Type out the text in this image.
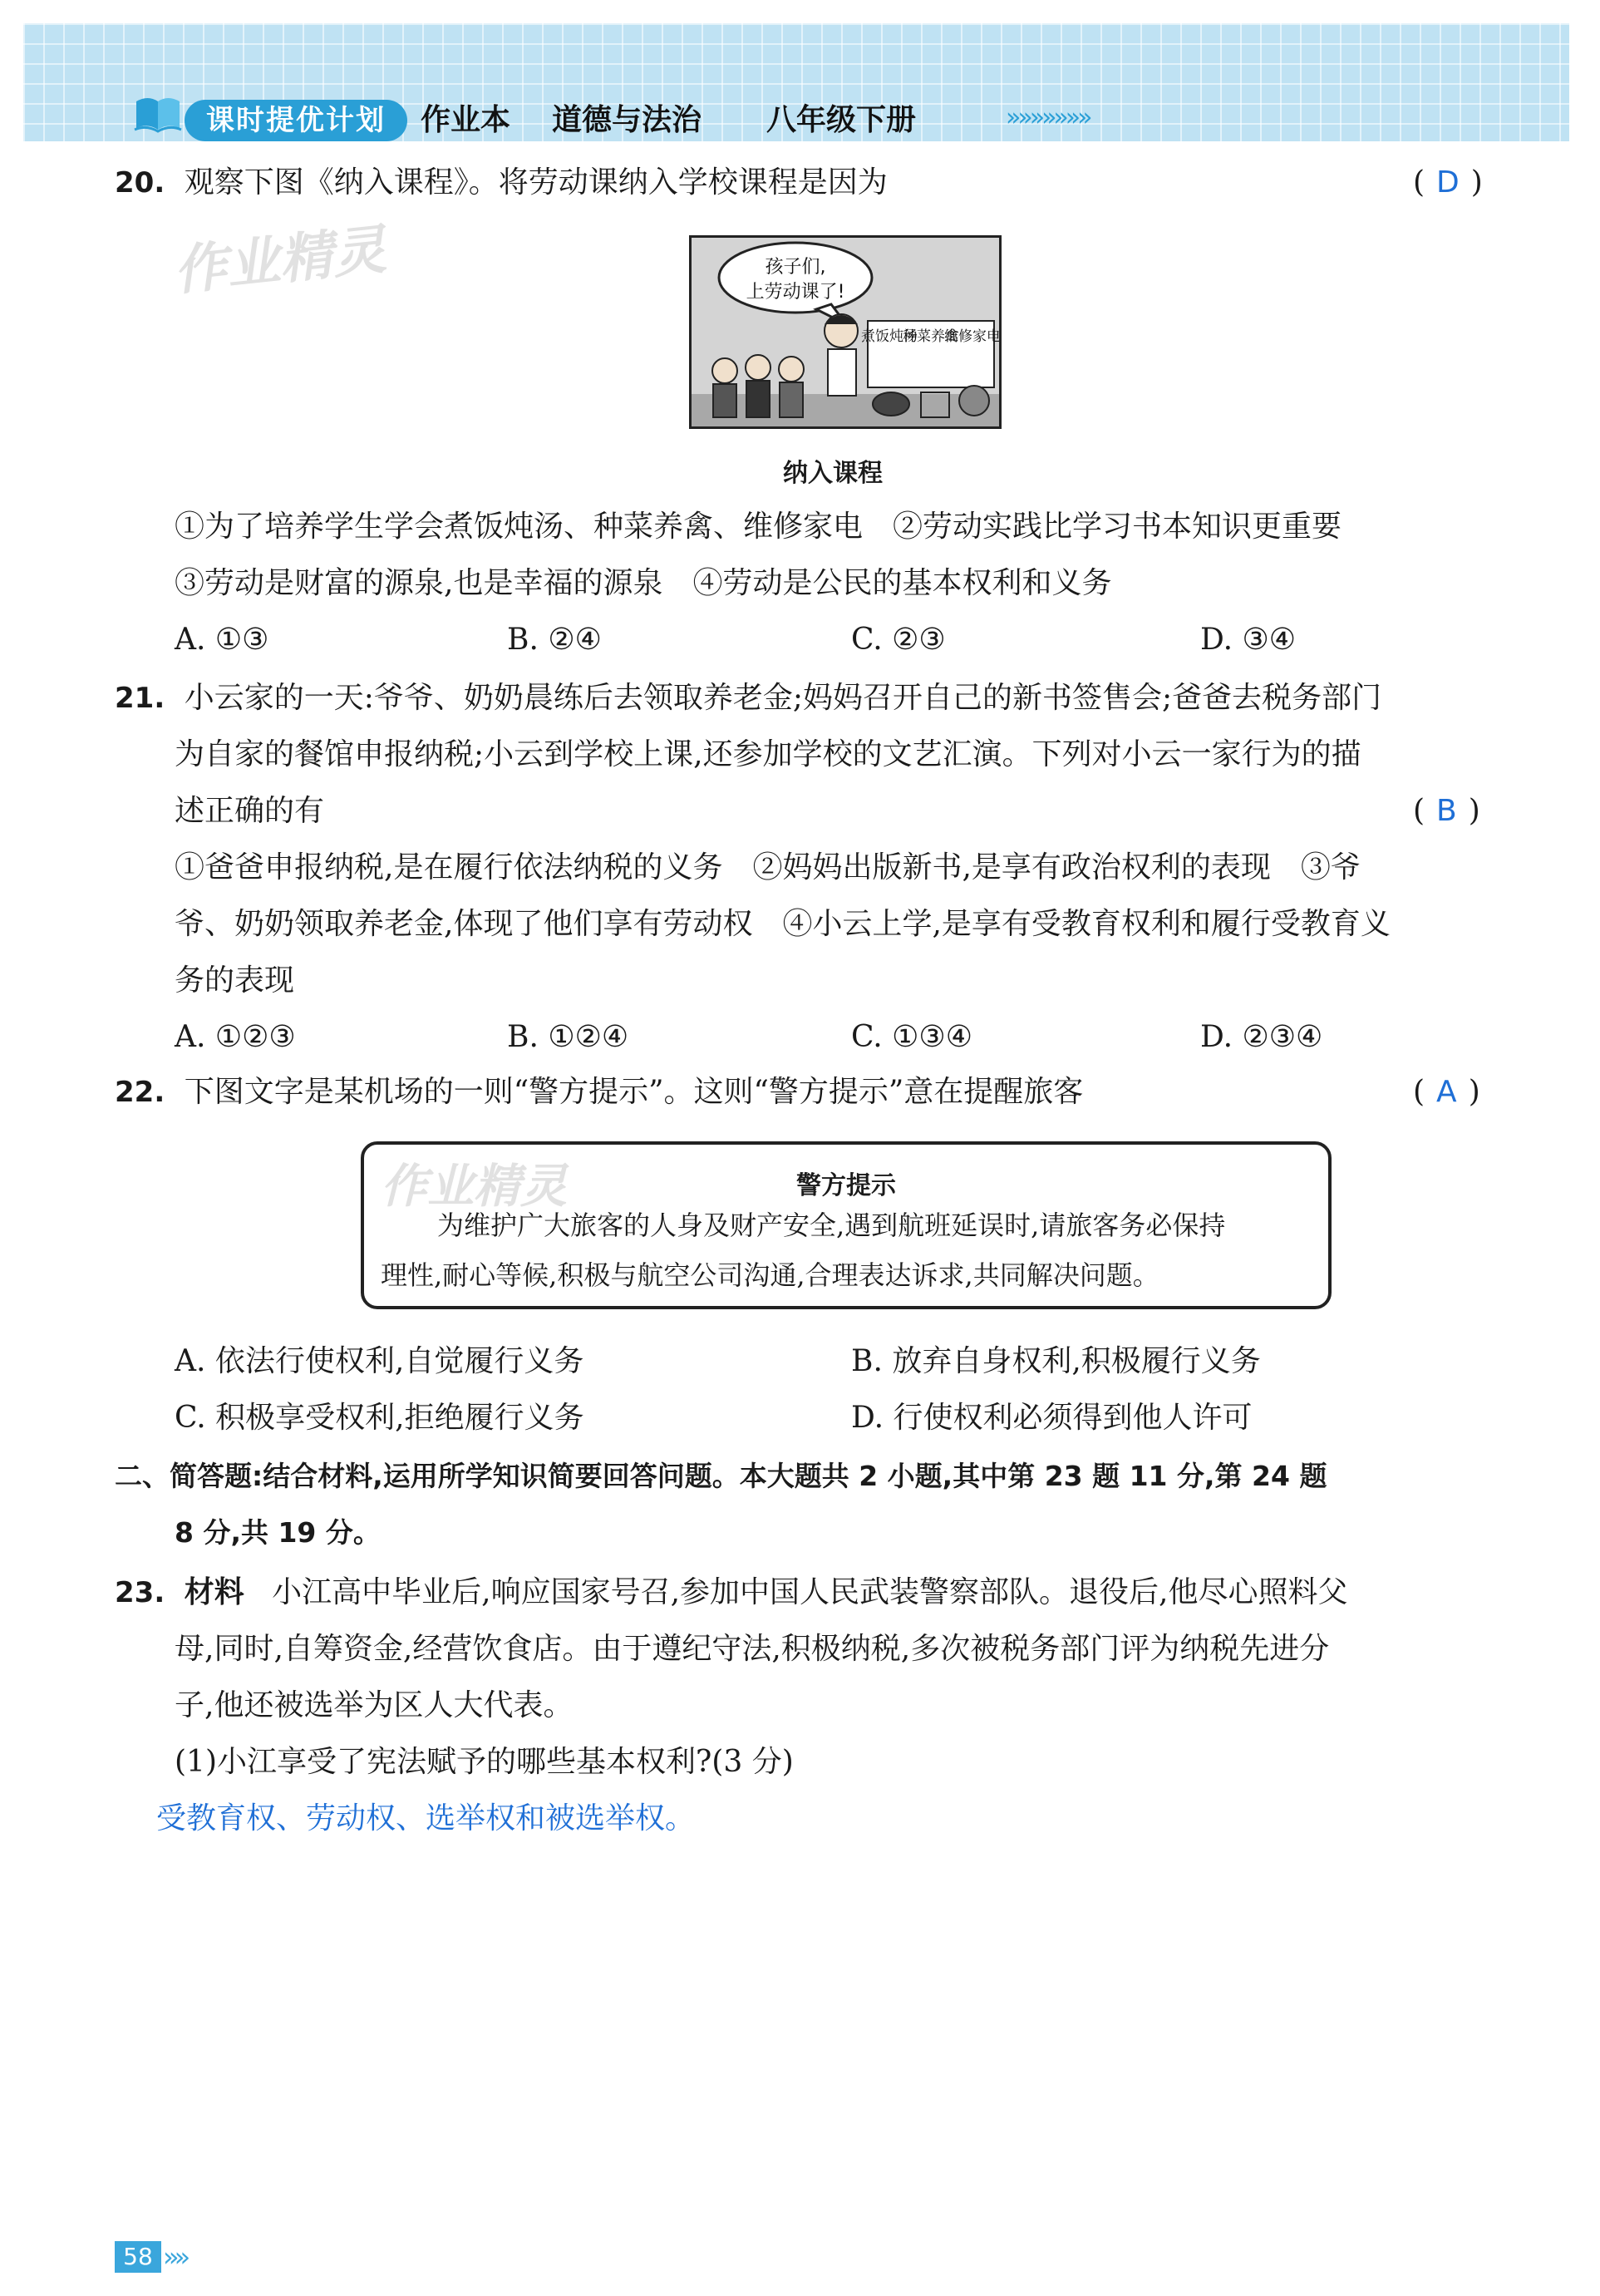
课时提优计划	作业本 道德与法治 八年级下册	»»»»»»»
作业精灵
20. 观察下图《纳入课程》。将劳动课纳入学校课程是因为	( D )
孩子们,
上劳动课了!
煮饭炖汤
种菜养禽
维修家电
纳入课程
①为了培养学生学会煮饭炖汤、种菜养禽、维修家电　②劳动实践比学习书本知识更重要
③劳动是财富的源泉,也是幸福的源泉　④劳动是公民的基本权利和义务
A. ①③	B. ②④	C. ②③	D. ③④
21. 小云家的一天:爷爷、奶奶晨练后去领取养老金;妈妈召开自己的新书签售会;爸爸去税务部门
为自家的餐馆申报纳税;小云到学校上课,还参加学校的文艺汇演。下列对小云一家行为的描
述正确的有	( B )
①爸爸申报纳税,是在履行依法纳税的义务　②妈妈出版新书,是享有政治权利的表现　③爷
爷、奶奶领取养老金,体现了他们享有劳动权　④小云上学,是享有受教育权利和履行受教育义
务的表现
A. ①②③	B. ①②④	C. ①③④	D. ②③④
22. 下图文字是某机场的一则“警方提示”。这则“警方提示”意在提醒旅客	( A )
作业精灵	警方提示
为维护广大旅客的人身及财产安全,遇到航班延误时,请旅客务必保持
理性,耐心等候,积极与航空公司沟通,合理表达诉求,共同解决问题。
A. 依法行使权利,自觉履行义务	B. 放弃自身权利,积极履行义务
C. 积极享受权利,拒绝履行义务	D. 行使权利必须得到他人许可
二、简答题:结合材料,运用所学知识简要回答问题。本大题共 2 小题,其中第 23 题 11 分,第 24 题
8 分,共 19 分。
23. 材料 小江高中毕业后,响应国家号召,参加中国人民武装警察部队。退役后,他尽心照料父
母,同时,自筹资金,经营饮食店。由于遵纪守法,积极纳税,多次被税务部门评为纳税先进分
子,他还被选举为区人大代表。
(1)小江享受了宪法赋予的哪些基本权利?(3 分)
受教育权、劳动权、选举权和被选举权。
58 »»
